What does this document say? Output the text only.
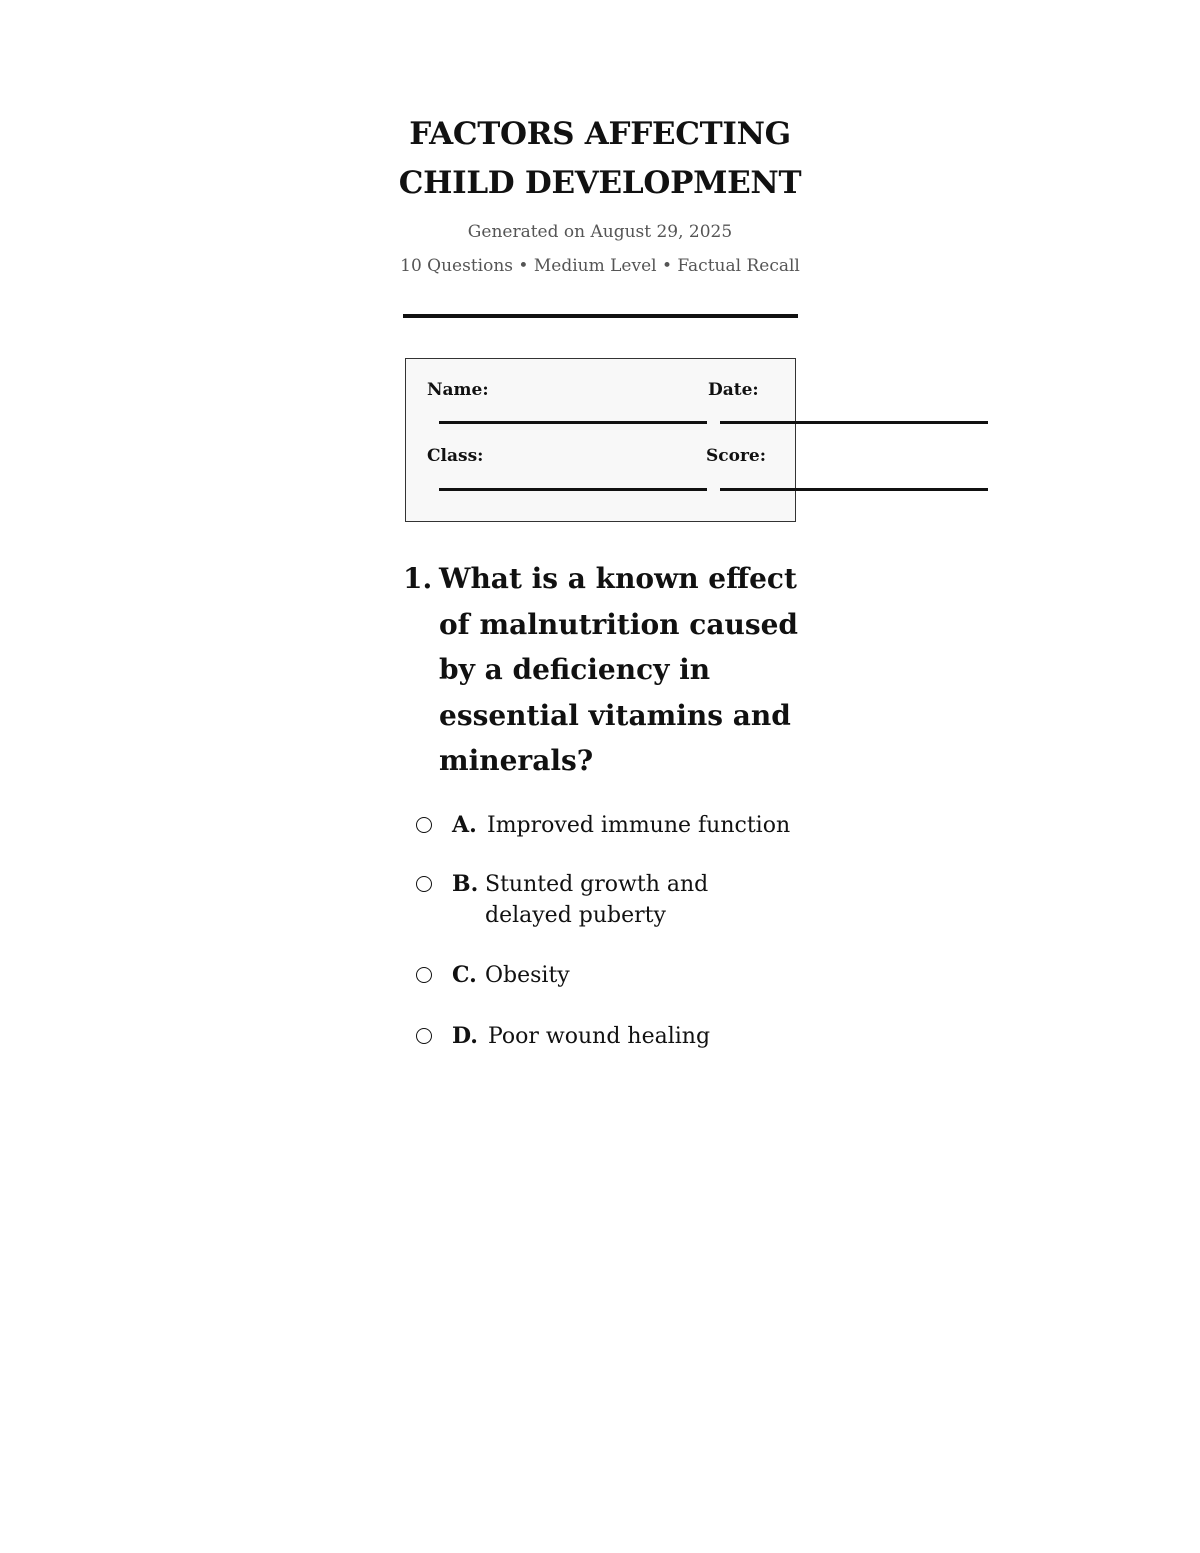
FACTORS AFFECTING
CHILD DEVELOPMENT
Generated on August 29, 2025
10 Questions • Medium Level • Factual Recall
Name:	Date:
Class:	Score:
1. What is a known effect of malnutrition caused by a deficiency in essential vitamins and minerals?
A. Improved immune function
B. Stunted growth and delayed puberty
C. Obesity
D. Poor wound healing
